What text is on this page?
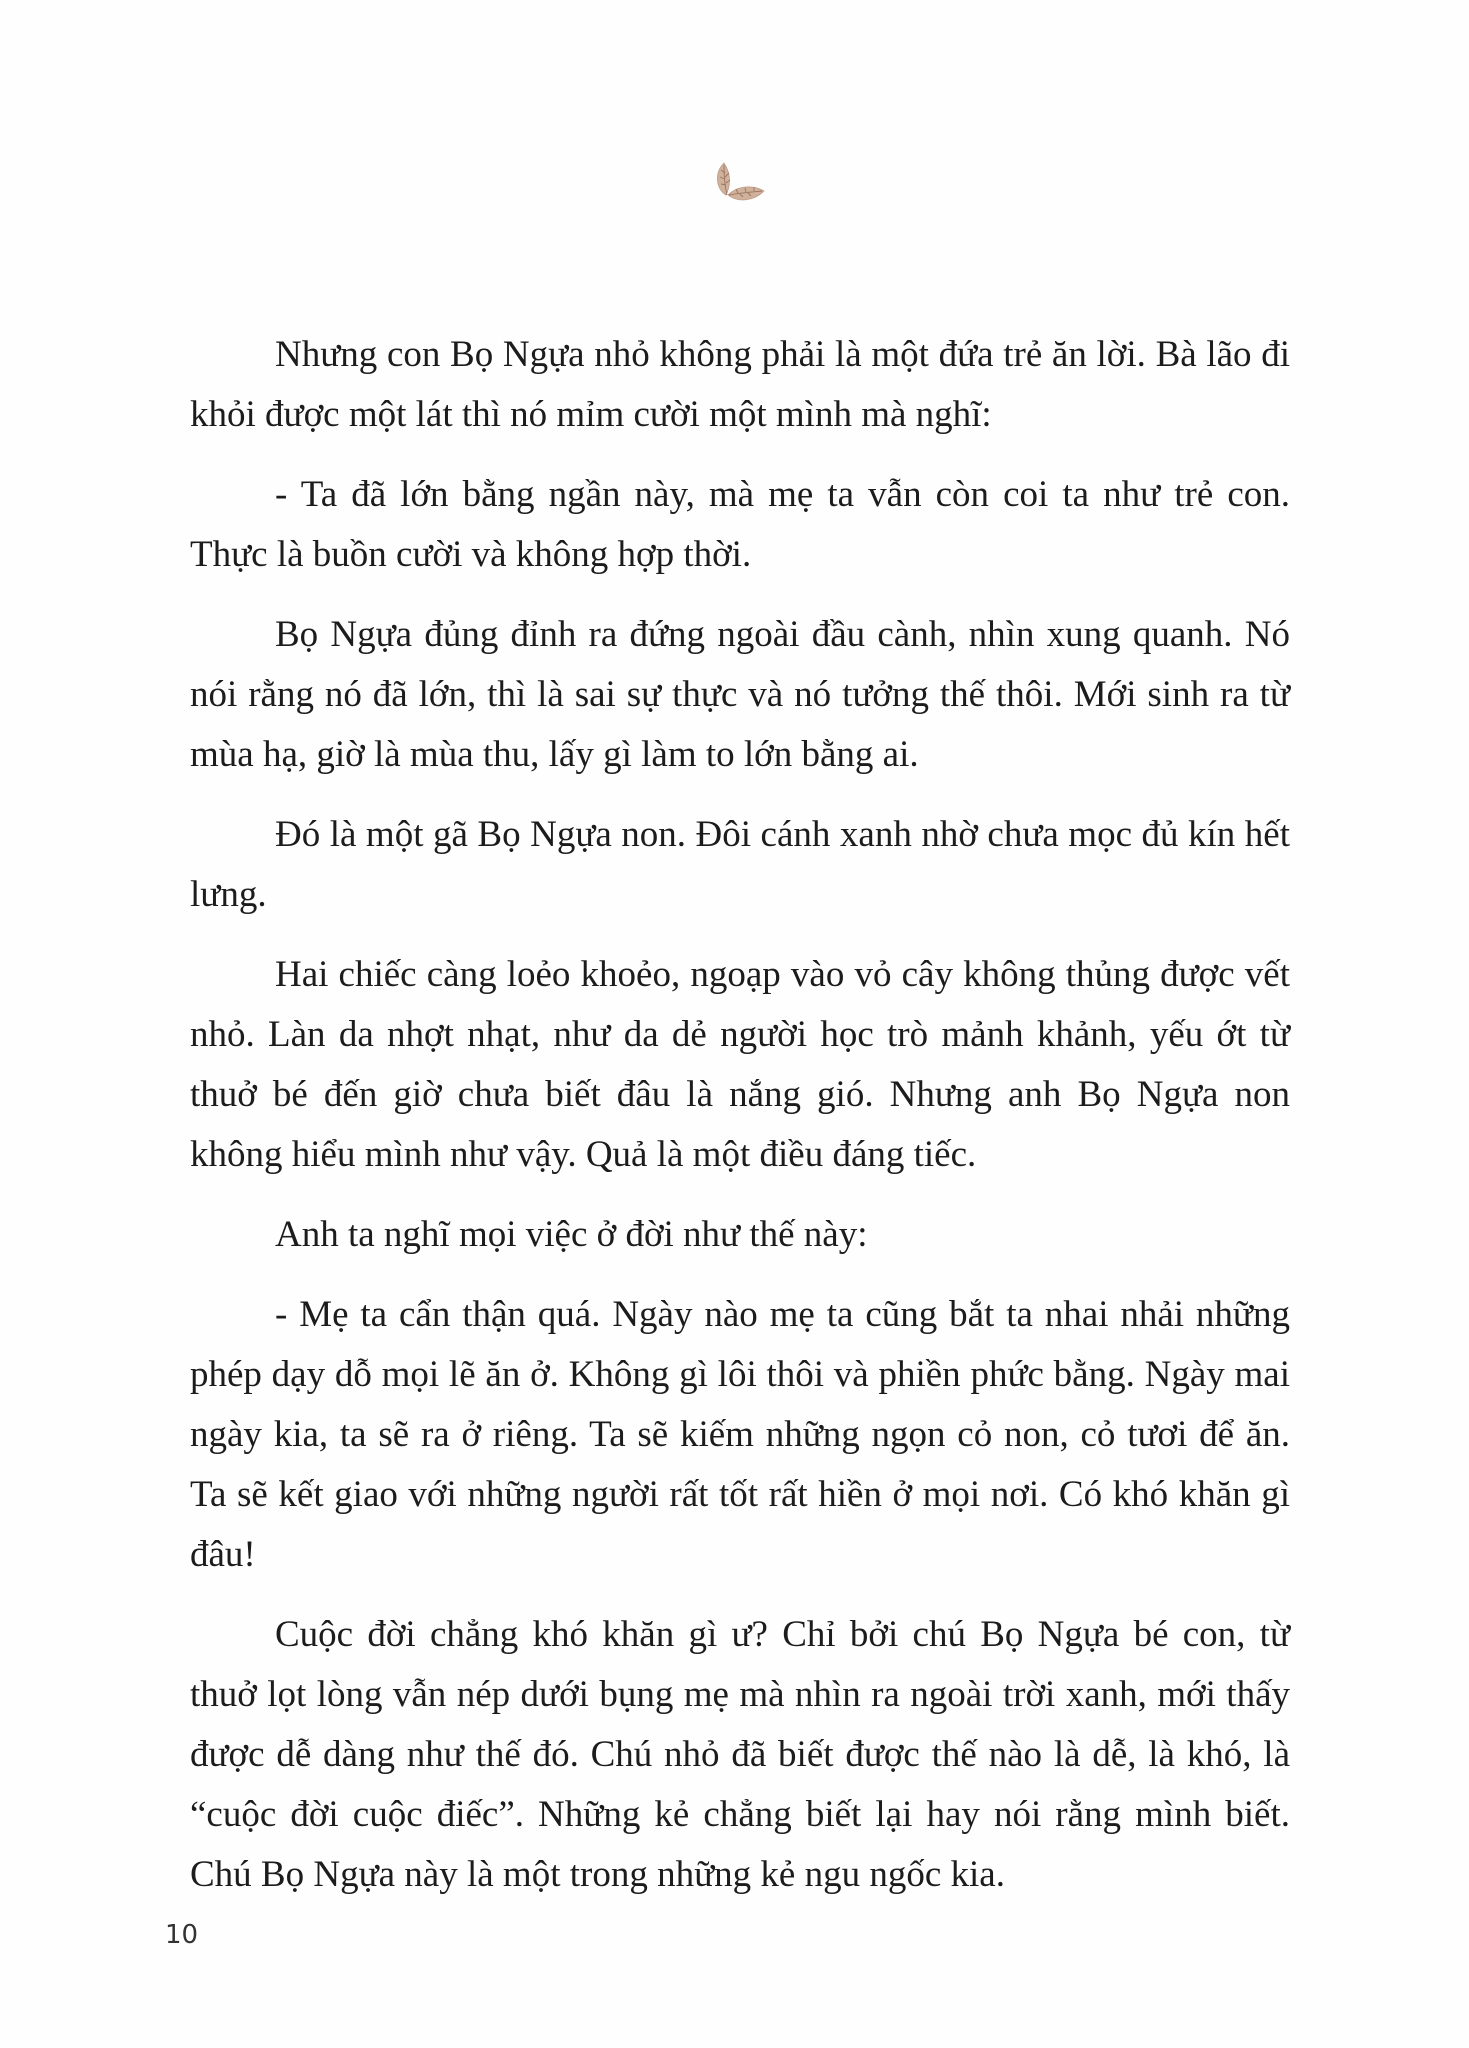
Nhưng con Bọ Ngựa nhỏ không phải là một đứa trẻ ăn lời. Bà lão đi khỏi được một lát thì nó mỉm cười một mình mà nghĩ:

- Ta đã lớn bằng ngần này, mà mẹ ta vẫn còn coi ta như trẻ con. Thực là buồn cười và không hợp thời.

Bọ Ngựa đủng đỉnh ra đứng ngoài đầu cành, nhìn xung quanh. Nó nói rằng nó đã lớn, thì là sai sự thực và nó tưởng thế thôi. Mới sinh ra từ mùa hạ, giờ là mùa thu, lấy gì làm to lớn bằng ai.

Đó là một gã Bọ Ngựa non. Đôi cánh xanh nhờ chưa mọc đủ kín hết lưng.

Hai chiếc càng loẻo khoẻo, ngoạp vào vỏ cây không thủng được vết nhỏ. Làn da nhợt nhạt, như da dẻ người học trò mảnh khảnh, yếu ớt từ thuở bé đến giờ chưa biết đâu là nắng gió. Nhưng anh Bọ Ngựa non không hiểu mình như vậy. Quả là một điều đáng tiếc.

Anh ta nghĩ mọi việc ở đời như thế này:

- Mẹ ta cẩn thận quá. Ngày nào mẹ ta cũng bắt ta nhai nhải những phép dạy dỗ mọi lẽ ăn ở. Không gì lôi thôi và phiền phức bằng. Ngày mai ngày kia, ta sẽ ra ở riêng. Ta sẽ kiếm những ngọn cỏ non, cỏ tươi để ăn. Ta sẽ kết giao với những người rất tốt rất hiền ở mọi nơi. Có khó khăn gì đâu!

Cuộc đời chẳng khó khăn gì ư? Chỉ bởi chú Bọ Ngựa bé con, từ thuở lọt lòng vẫn nép dưới bụng mẹ mà nhìn ra ngoài trời xanh, mới thấy được dễ dàng như thế đó. Chú nhỏ đã biết được thế nào là dễ, là khó, là “cuộc đời cuộc điếc”. Những kẻ chẳng biết lại hay nói rằng mình biết. Chú Bọ Ngựa này là một trong những kẻ ngu ngốc kia.

10
